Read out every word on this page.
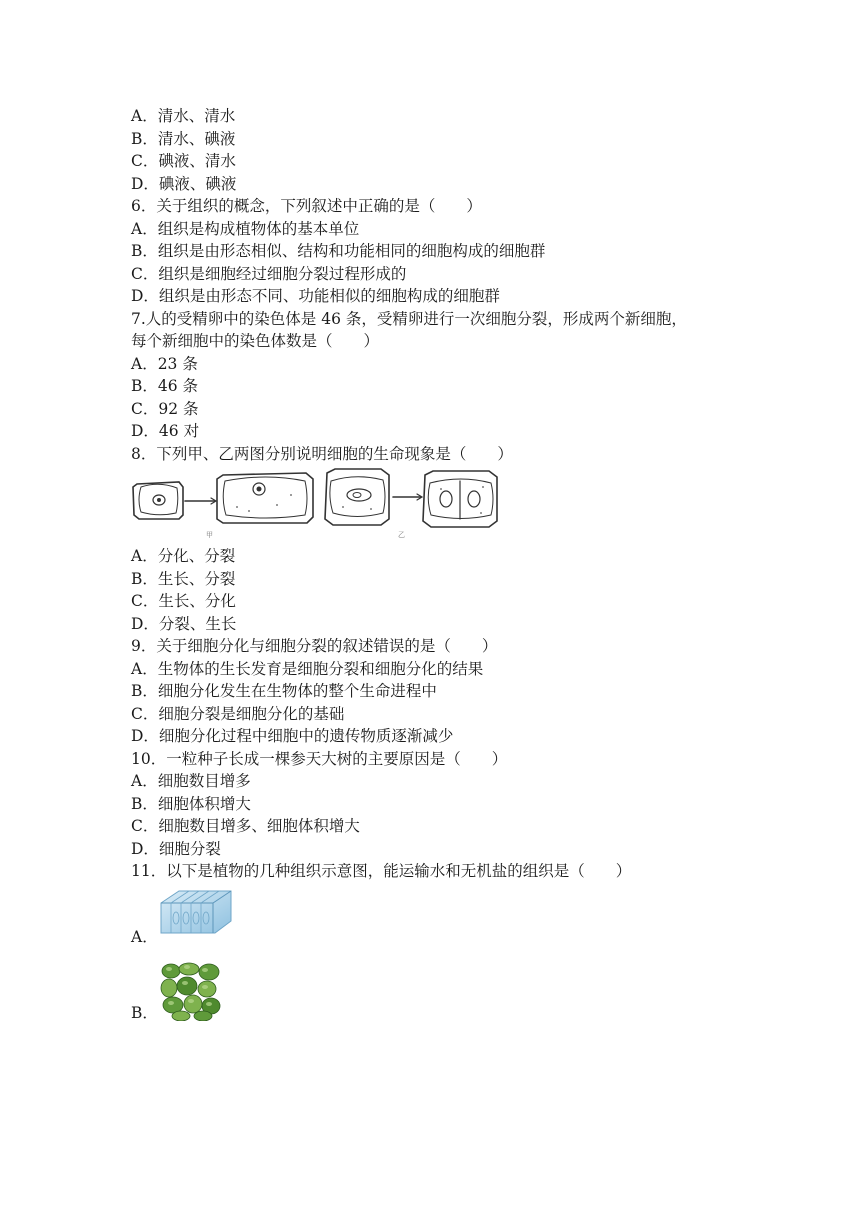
A．清水、清水
B．清水、碘液
C．碘液、清水
D．碘液、碘液
6．关于组织的概念，下列叙述中正确的是（　　）
A．组织是构成植物体的基本单位
B．组织是由形态相似、结构和功能相同的细胞构成的细胞群
C．组织是细胞经过细胞分裂过程形成的
D．组织是由形态不同、功能相似的细胞构成的细胞群
7.人的受精卵中的染色体是 46 条，受精卵进行一次细胞分裂，形成两个新细胞，
每个新细胞中的染色体数是（　　）
A．23 条
B．46 条
C．92 条
D．46 对
8．下列甲、乙两图分别说明细胞的生命现象是（　　）
甲	乙
A．分化、分裂
B．生长、分裂
C．生长、分化
D．分裂、生长
9．关于细胞分化与细胞分裂的叙述错误的是（　　）
A．生物体的生长发育是细胞分裂和细胞分化的结果
B．细胞分化发生在生物体的整个生命进程中
C．细胞分裂是细胞分化的基础
D．细胞分化过程中细胞中的遗传物质逐渐减少
10．一粒种子长成一棵参天大树的主要原因是（　　）
A．细胞数目增多
B．细胞体积增大
C．细胞数目增多、细胞体积增大
D．细胞分裂
11．以下是植物的几种组织示意图，能运输水和无机盐的组织是（　　）
A．
B．
